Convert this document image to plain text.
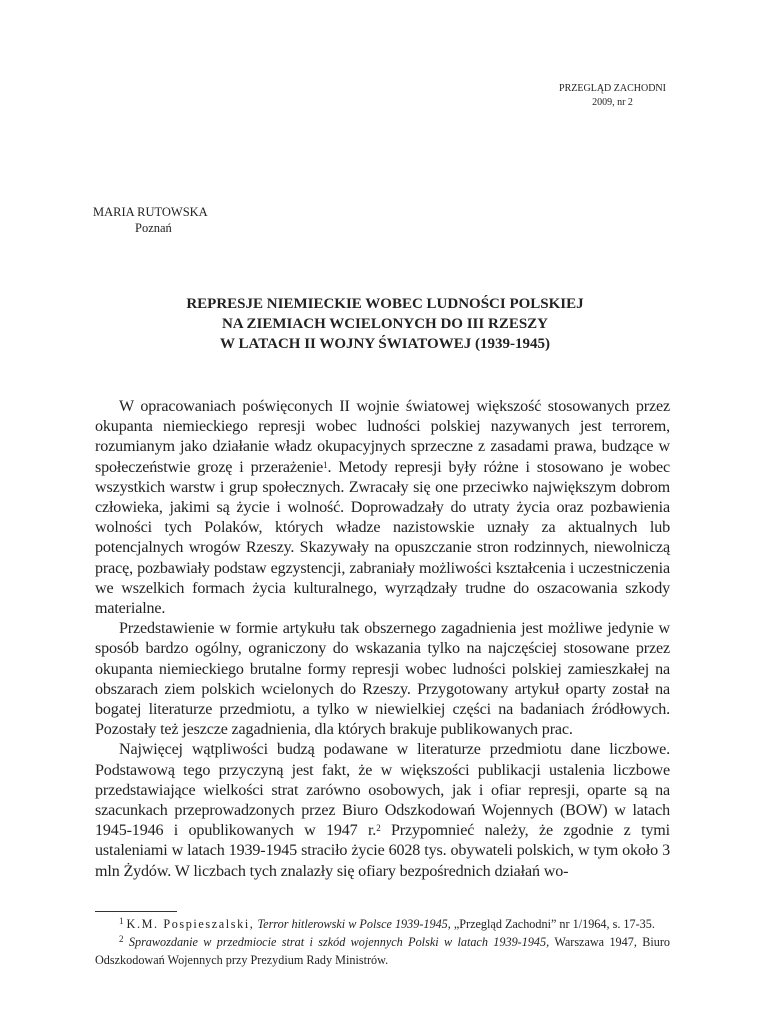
PRZEGLĄD ZACHODNI
2009, nr 2
MARIA RUTOWSKA
Poznań
REPRESJE NIEMIECKIE WOBEC LUDNOŚCI POLSKIEJ
NA ZIEMIACH WCIELONYCH DO III RZESZY
W LATACH II WOJNY ŚWIATOWEJ (1939-1945)

W opracowaniach poświęconych II wojnie światowej większość stosowanych przez okupanta niemieckiego represji wobec ludności polskiej nazywanych jest terrorem, rozumianym jako działanie władz okupacyjnych sprzeczne z zasadami prawa, budzące w społeczeństwie grozę i przerażenie$^1$. Metody represji były różne i stosowano je wobec wszystkich warstw i grup społecznych. Zwracały się one przeciwko największym dobrom człowieka, jakimi są życie i wolność. Doprowadzały do utraty życia oraz pozbawienia wolności tych Polaków, których władze nazistowskie uznały za aktualnych lub potencjalnych wrogów Rzeszy. Skazywały na opuszczanie stron rodzinnych, niewolniczą pracę, pozbawiały podstaw egzystencji, zabraniały możliwości kształcenia i uczestniczenia we wszelkich formach życia kulturalnego, wyrządzały trudne do oszacowania szkody materialne.

Przedstawienie w formie artykułu tak obszernego zagadnienia jest możliwe jedynie w sposób bardzo ogólny, ograniczony do wskazania tylko na najczęściej stosowane przez okupanta niemieckiego brutalne formy represji wobec ludności polskiej zamieszkałej na obszarach ziem polskich wcielonych do Rzeszy. Przygotowany artykuł oparty został na bogatej literaturze przedmiotu, a tylko w niewielkiej części na badaniach źródłowych. Pozostały też jeszcze zagadnienia, dla których brakuje publikowanych prac.

Najwięcej wątpliwości budzą podawane w literaturze przedmiotu dane liczbowe. Podstawową tego przyczyną jest fakt, że w większości publikacji ustalenia liczbowe przedstawiające wielkości strat zarówno osobowych, jak i ofiar represji, oparte są na szacunkach przeprowadzonych przez Biuro Odszkodowań Wojennych (BOW) w latach 1945-1946 i opublikowanych w 1947 r.$^2$ Przypomnieć należy, że zgodnie z tymi ustaleniami w latach 1939-1945 straciło życie 6028 tys. obywateli polskich, w tym około 3 mln Żydów. W liczbach tych znalazły się ofiary bezpośrednich działań wo-

$^1$ K.M. Pospieszalski, Terror hitlerowski w Polsce 1939-1945, „Przegląd Zachodni” nr 1/1964, s. 17-35.

$^2$ Sprawozdanie w przedmiocie strat i szkód wojennych Polski w latach 1939-1945, Warszawa 1947, Biuro Odszkodowań Wojennych przy Prezydium Rady Ministrów.
